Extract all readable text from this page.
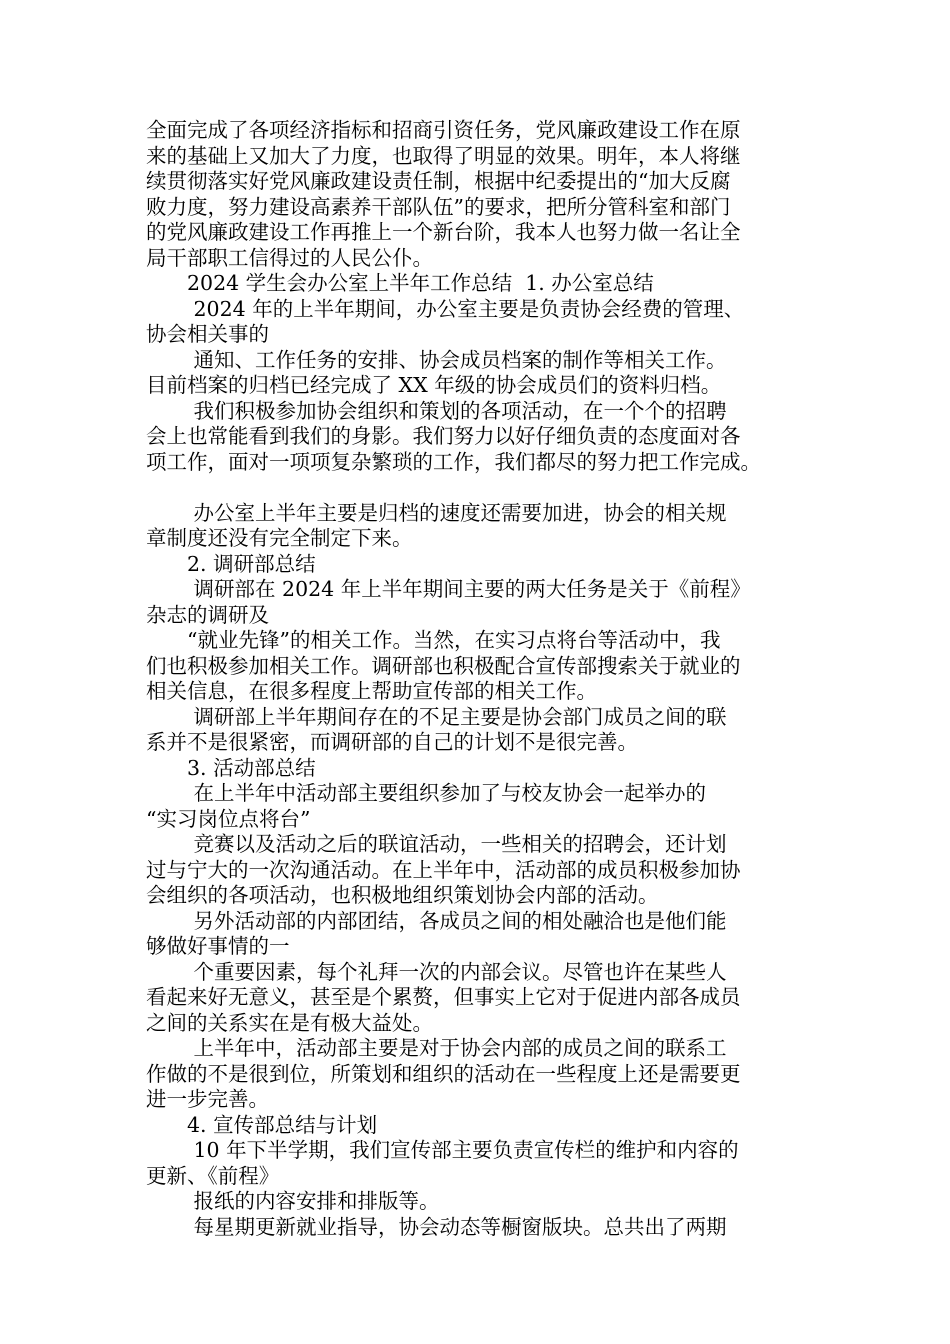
全面完成了各项经济指标和招商引资任务，党风廉政建设工作在原
来的基础上又加大了力度，也取得了明显的效果。明年，本人将继
续贯彻落实好党风廉政建设责任制，根据中纪委提出的“加大反腐
败力度，努力建设高素养干部队伍”的要求，把所分管科室和部门
的党风廉政建设工作再推上一个新台阶，我本人也努力做一名让全
局干部职工信得过的人民公仆。
　　2024 学生会办公室上半年工作总结  1. 办公室总结
　　 2024 年的上半年期间，办公室主要是负责协会经费的管理、
协会相关事的
　　 通知、工作任务的安排、协会成员档案的制作等相关工作。
目前档案的归档已经完成了 XX 年级的协会成员们的资料归档。
　　 我们积极参加协会组织和策划的各项活动，在一个个的招聘
会上也常能看到我们的身影。我们努力以好仔细负责的态度面对各
项工作，面对一项项复杂繁琐的工作，我们都尽的努力把工作完成。
　　 办公室上半年主要是归档的速度还需要加进，协会的相关规
章制度还没有完全制定下来。
　　2. 调研部总结
　　 调研部在 2024 年上半年期间主要的两大任务是关于《前程》
杂志的调研及
　　“就业先锋”的相关工作。当然，在实习点将台等活动中，我
们也积极参加相关工作。调研部也积极配合宣传部搜索关于就业的
相关信息，在很多程度上帮助宣传部的相关工作。
　　 调研部上半年期间存在的不足主要是协会部门成员之间的联
系并不是很紧密，而调研部的自己的计划不是很完善。
　　3. 活动部总结
　　 在上半年中活动部主要组织参加了与校友协会一起举办的
“实习岗位点将台”
　　 竞赛以及活动之后的联谊活动，一些相关的招聘会，还计划
过与宁大的一次沟通活动。在上半年中，活动部的成员积极参加协
会组织的各项活动，也积极地组织策划协会内部的活动。
　　 另外活动部的内部团结，各成员之间的相处融洽也是他们能
够做好事情的一
　　 个重要因素，每个礼拜一次的内部会议。尽管也许在某些人
看起来好无意义，甚至是个累赘，但事实上它对于促进内部各成员
之间的关系实在是有极大益处。
　　 上半年中，活动部主要是对于协会内部的成员之间的联系工
作做的不是很到位，所策划和组织的活动在一些程度上还是需要更
进一步完善。
　　4. 宣传部总结与计划
　　 10 年下半学期，我们宣传部主要负责宣传栏的维护和内容的
更新、《前程》
　　 报纸的内容安排和排版等。
　　 每星期更新就业指导，协会动态等橱窗版块。总共出了两期
